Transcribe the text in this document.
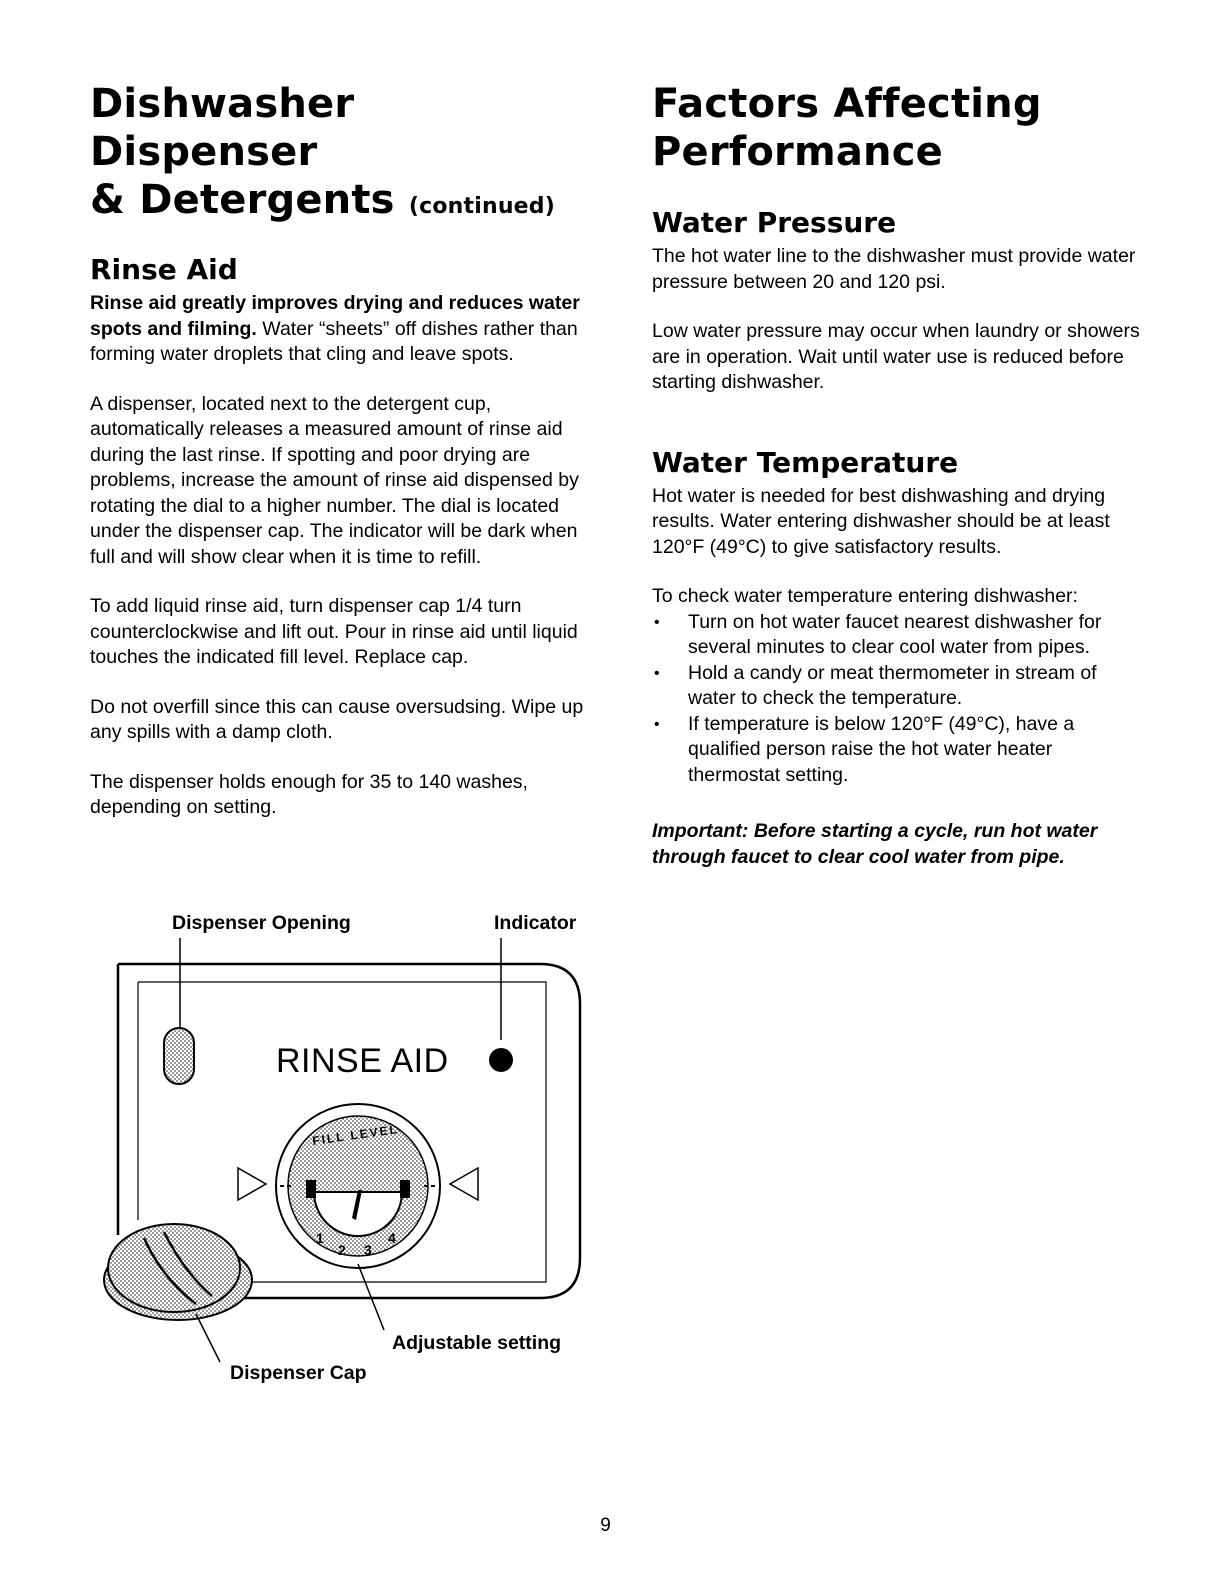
Dishwasher Dispenser
& Detergents (continued)
Rinse Aid

Rinse aid greatly improves drying and reduces water spots and filming. Water “sheets” off dishes rather than forming water droplets that cling and leave spots.

A dispenser, located next to the detergent cup, automatically releases a measured amount of rinse aid during the last rinse. If spotting and poor drying are problems, increase the amount of rinse aid dispensed by rotating the dial to a higher number. The dial is located under the dispenser cap. The indicator will be dark when full and will show clear when it is time to refill.

To add liquid rinse aid, turn dispenser cap 1/4 turn counterclockwise and lift out. Pour in rinse aid until liquid touches the indicated fill level. Replace cap.

Do not overfill since this can cause oversudsing. Wipe up any spills with a damp cloth.

The dispenser holds enough for 35 to 140 washes, depending on setting.

Dispenser Opening	Indicator
RINSE AID
FILL LEVEL
1
2 3
4
Adjustable setting
Dispenser Cap
Factors Affecting
Performance
Water Pressure

The hot water line to the dishwasher must provide water pressure between 20 and 120 psi.

Low water pressure may occur when laundry or showers are in operation. Wait until water use is reduced before starting dishwasher.

Water Temperature

Hot water is needed for best dishwashing and drying results. Water entering dishwasher should be at least 120°F (49°C) to give satisfactory results.

To check water temperature entering dishwasher:

• Turn on hot water faucet nearest dishwasher for several minutes to clear cool water from pipes.
• Hold a candy or meat thermometer in stream of water to check the temperature.
• If temperature is below 120°F (49°C), have a qualified person raise the hot water heater thermostat setting.

Important: Before starting a cycle, run hot water through faucet to clear cool water from pipe.

9
